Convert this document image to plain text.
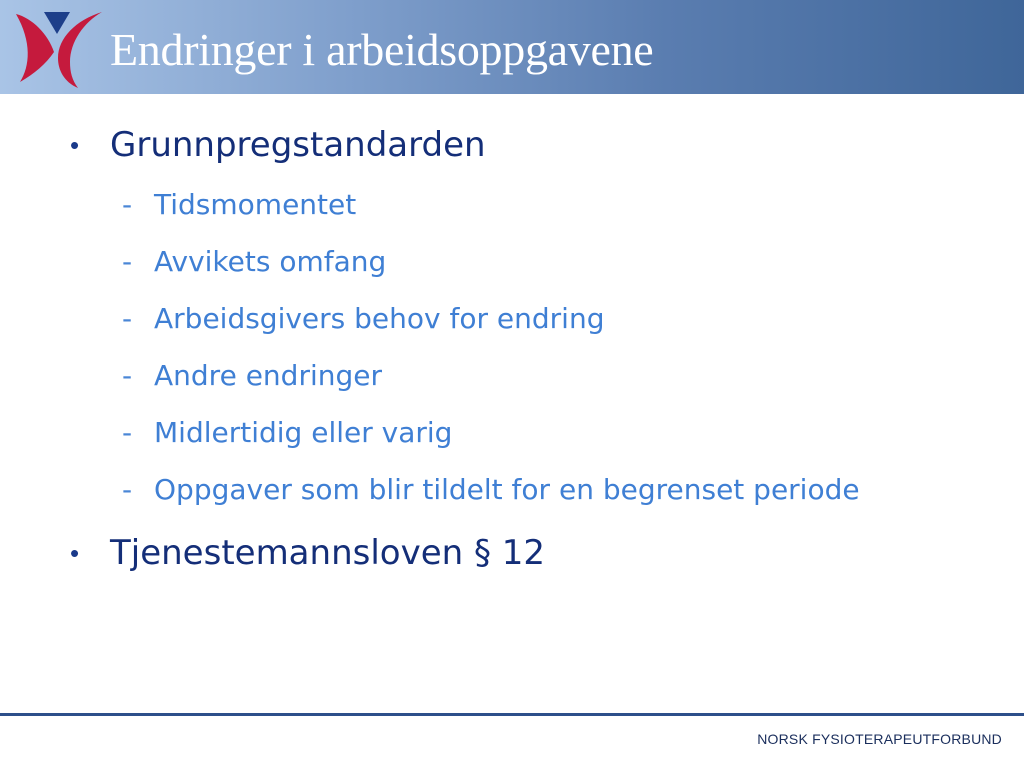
Endringer i arbeidsoppgavene
• Grunnpregstandarden
- Tidsmomentet
- Avvikets omfang
- Arbeidsgivers behov for endring
- Andre endringer
- Midlertidig eller varig
- Oppgaver som blir tildelt for en begrenset periode
• Tjenestemannsloven § 12
NORSK FYSIOTERAPEUTFORBUND
